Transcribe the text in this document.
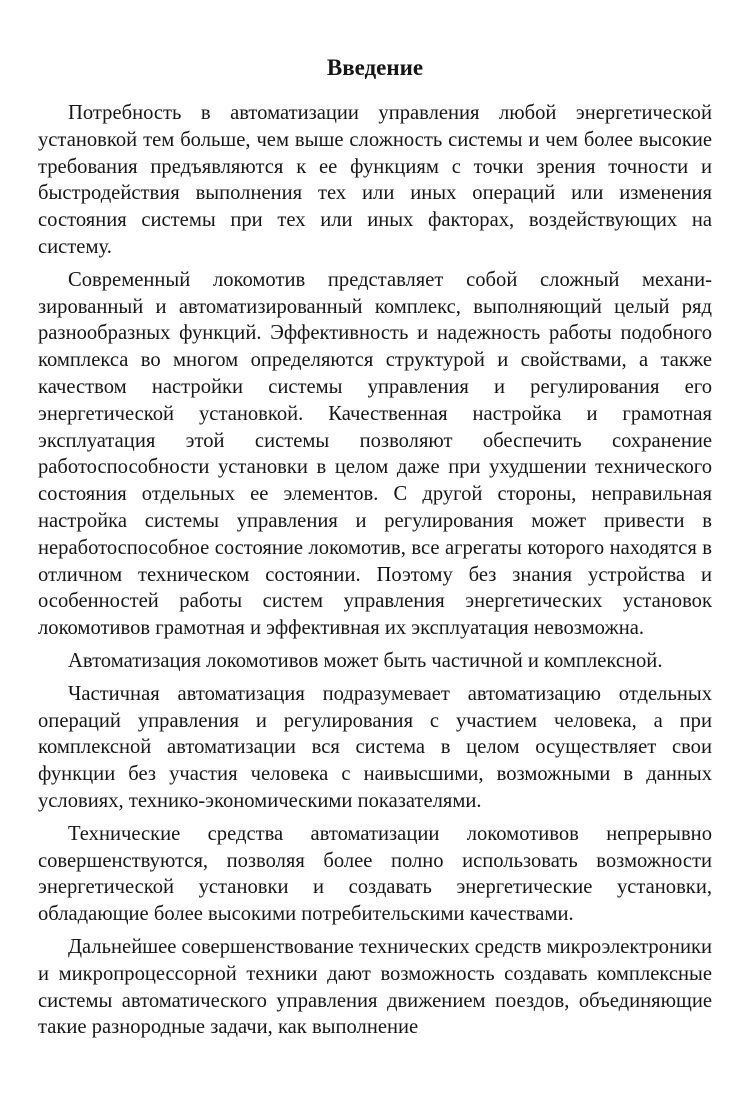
Введение

Потребность в автоматизации управления любой энергетической установкой тем больше, чем выше сложность системы и чем более высокие требования предъявляются к ее функциям с точки зрения точности и быстродействия выполнения тех или иных операций или изменения состояния системы при тех или иных факторах, воздействующих на систему.

Современный локомотив представляет собой сложный механизированный и автоматизированный комплекс, выполняющий целый ряд разнообразных функций. Эффективность и надежность работы подобного комплекса во многом определяются структурой и свойствами, а также качеством настройки системы управления и регулирования его энергетической установкой. Качественная настройка и грамотная эксплуатация этой системы позволяют обеспечить сохранение работоспособности установки в целом даже при ухудшении технического состояния отдельных ее элементов. С другой стороны, неправильная настройка системы управления и регулирования может привести в неработоспособное состояние локомотив, все агрегаты которого находятся в отличном техническом состоянии. Поэтому без знания устройства и особенностей работы систем управления энергетических установок локомотивов грамотная и эффективная их эксплуатация невозможна.

Автоматизация локомотивов может быть частичной и комплексной.

Частичная автоматизация подразумевает автоматизацию отдельных операций управления и регулирования с участием человека, а при комплексной автоматизации вся система в целом осуществляет свои функции без участия человека с наивысшими, возможными в данных условиях, технико-экономическими показателями.

Технические средства автоматизации локомотивов непрерывно совершенствуются, позволяя более полно использовать возможности энергетической установки и создавать энергетические установки, обладающие более высокими потребительскими качествами.

Дальнейшее совершенствование технических средств микроэлектроники и микропроцессорной техники дают возможность создавать комплексные системы автоматического управления движением поездов, объединяющие такие разнородные задачи, как выполнение
